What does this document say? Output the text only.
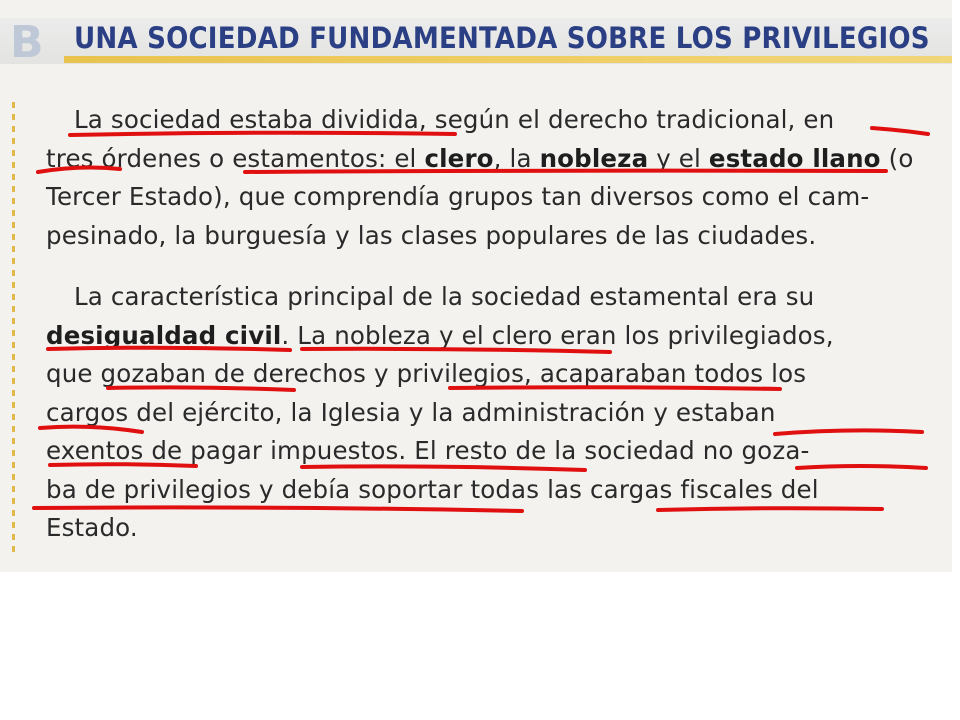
B UNA SOCIEDAD FUNDAMENTADA SOBRE LOS PRIVILEGIOS
La sociedad estaba dividida, según el derecho tradicional, en
tres órdenes o estamentos: el clero, la nobleza y el estado llano (o
Tercer Estado), que comprendía grupos tan diversos como el cam-
pesinado, la burguesía y las clases populares de las ciudades.
La característica principal de la sociedad estamental era su
desigualdad civil. La nobleza y el clero eran los privilegiados,
que gozaban de derechos y privilegios, acaparaban todos los
cargos del ejército, la Iglesia y la administración y estaban
exentos de pagar impuestos. El resto de la sociedad no goza-
ba de privilegios y debía soportar todas las cargas fiscales del
Estado.
